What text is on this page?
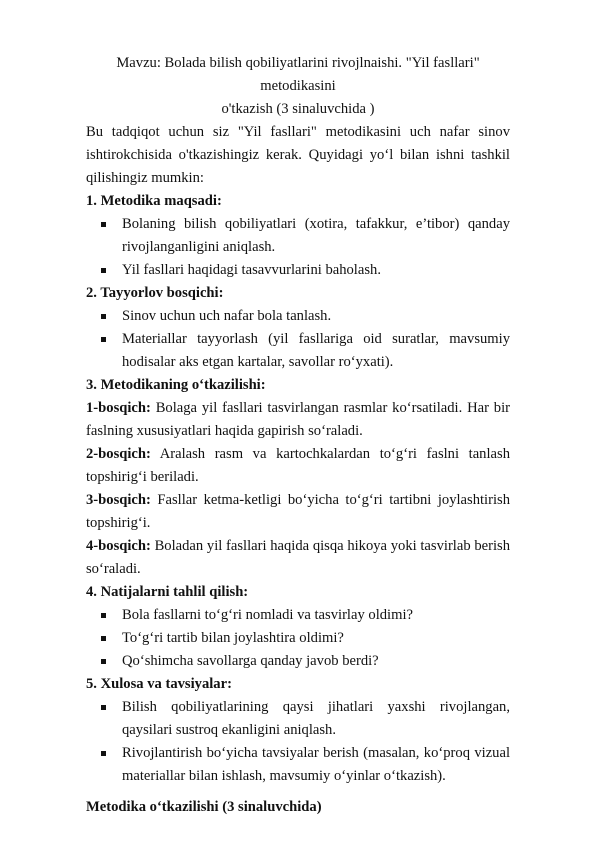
Mavzu: Bolada bilish qobiliyatlarini rivojlnaishi. "Yil fasllari" metodikasini

o'tkazish (3 sinaluvchida )

Bu tadqiqot uchun siz "Yil fasllari" metodikasini uch nafar sinov ishtirokchisida o'tkazishingiz kerak. Quyidagi yo‘l bilan ishni tashkil qilishingiz mumkin:

1. Metodika maqsadi:

Bolaning bilish qobiliyatlari (xotira, tafakkur, e’tibor) qanday rivojlanganligini aniqlash.
Yil fasllari haqidagi tasavvurlarini baholash.

2. Tayyorlov bosqichi:

Sinov uchun uch nafar bola tanlash.
Materiallar tayyorlash (yil fasllariga oid suratlar, mavsumiy hodisalar aks etgan kartalar, savollar ro‘yxati).

3. Metodikaning o‘tkazilishi:

1-bosqich: Bolaga yil fasllari tasvirlangan rasmlar ko‘rsatiladi. Har bir faslning xususiyatlari haqida gapirish so‘raladi.

2-bosqich: Aralash rasm va kartochkalardan to‘g‘ri faslni tanlash topshirig‘i beriladi.

3-bosqich: Fasllar ketma-ketligi bo‘yicha to‘g‘ri tartibni joylashtirish topshirig‘i.

4-bosqich: Boladan yil fasllari haqida qisqa hikoya yoki tasvirlab berish so‘raladi.

4. Natijalarni tahlil qilish:

Bola fasllarni to‘g‘ri nomladi va tasvirlay oldimi?
To‘g‘ri tartib bilan joylashtira oldimi?
Qo‘shimcha savollarga qanday javob berdi?

5. Xulosa va tavsiyalar:

Bilish qobiliyatlarining qaysi jihatlari yaxshi rivojlangan, qaysilari sustroq ekanligini aniqlash.
Rivojlantirish bo‘yicha tavsiyalar berish (masalan, ko‘proq vizual materiallar bilan ishlash, mavsumiy o‘yinlar o‘tkazish).

Metodika o‘tkazilishi (3 sinaluvchida)
